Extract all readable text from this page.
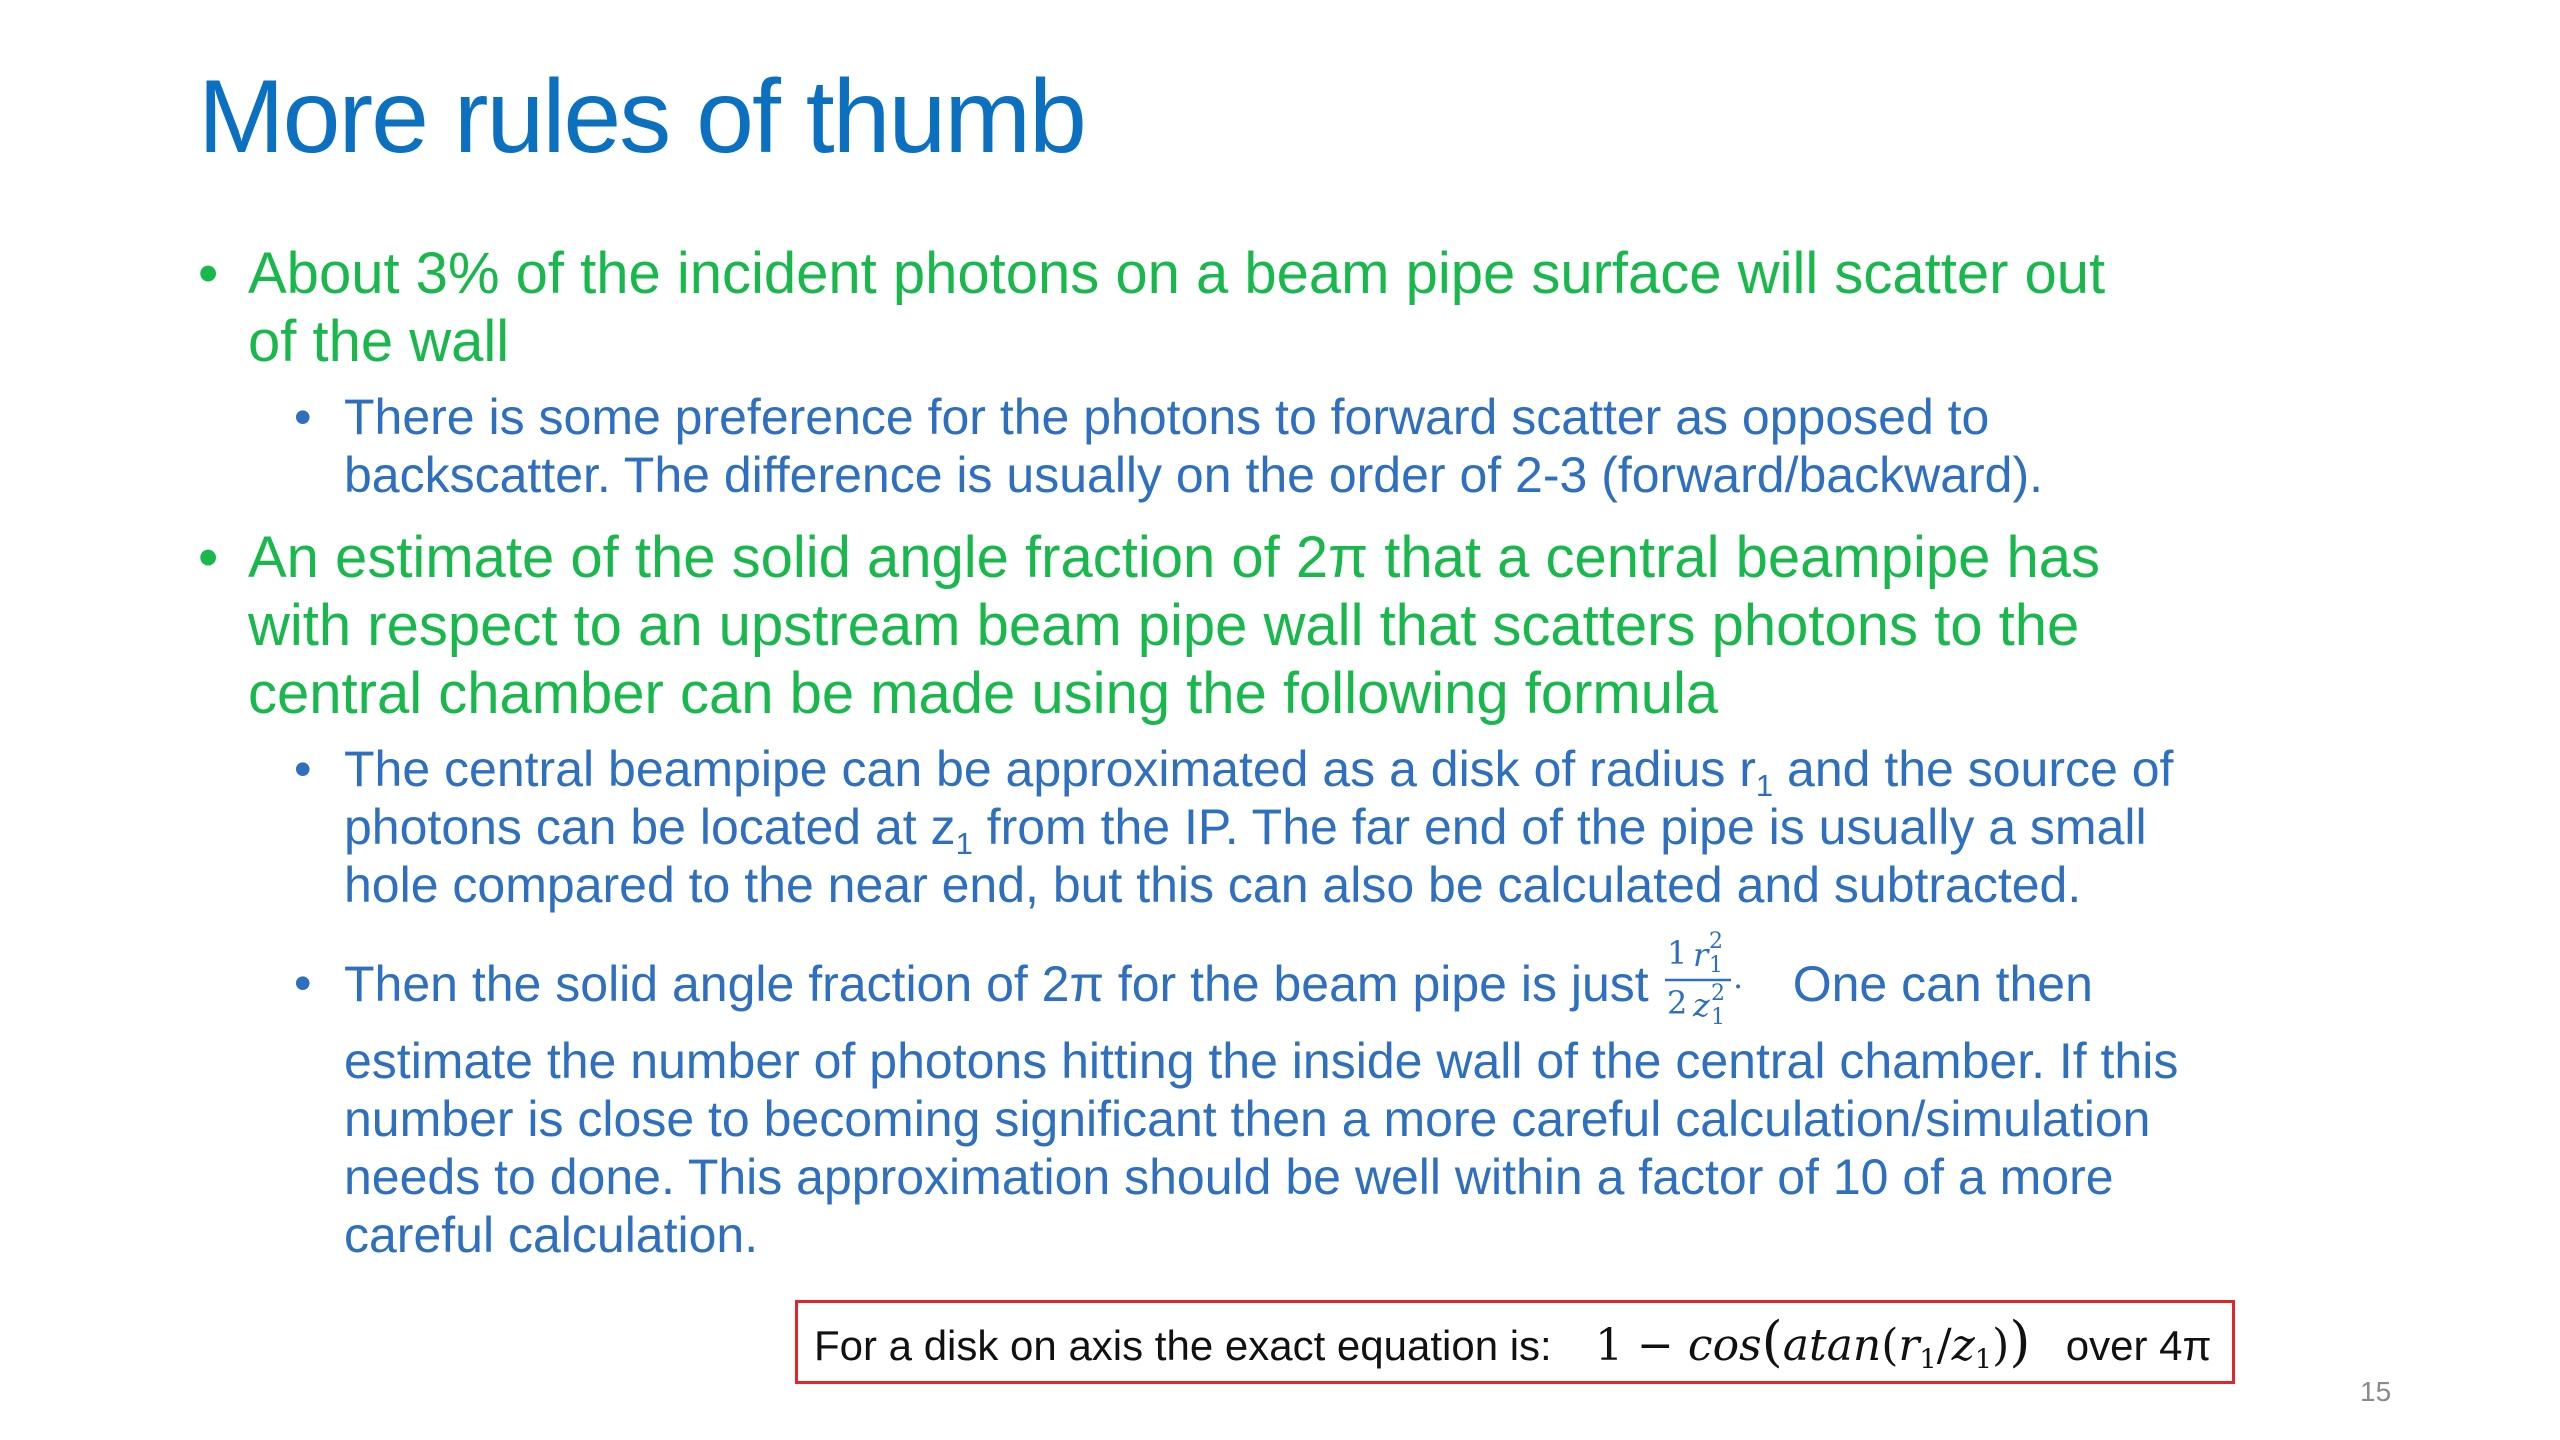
More rules of thumb
• About 3% of the incident photons on a beam pipe surface will scatter out
of the wall
• There is some preference for the photons to forward scatter as opposed to
backscatter. The difference is usually on the order of 2-3 (forward/backward).
• An estimate of the solid angle fraction of 2π that a central beampipe has
with respect to an upstream beam pipe wall that scatters photons to the
central chamber can be made using the following formula
• The central beampipe can be approximated as a disk of radius $r_1$ and the source of
photons can be located at $z_1$ from the IP. The far end of the pipe is usually a small
hole compared to the near end, but this can also be calculated and subtracted.
• Then the solid angle fraction of 2π for the beam pipe is just
1 r 2
1
2 z 2
1
. One can then
estimate the number of photons hitting the inside wall of the central chamber. If this
number is close to becoming significant then a more careful calculation/simulation
needs to done. This approximation should be well within a factor of 10 of a more
careful calculation.
For a disk on axis the exact equation is: $1 - \cos(atan(r_1/z_1))$ over 4π
15
